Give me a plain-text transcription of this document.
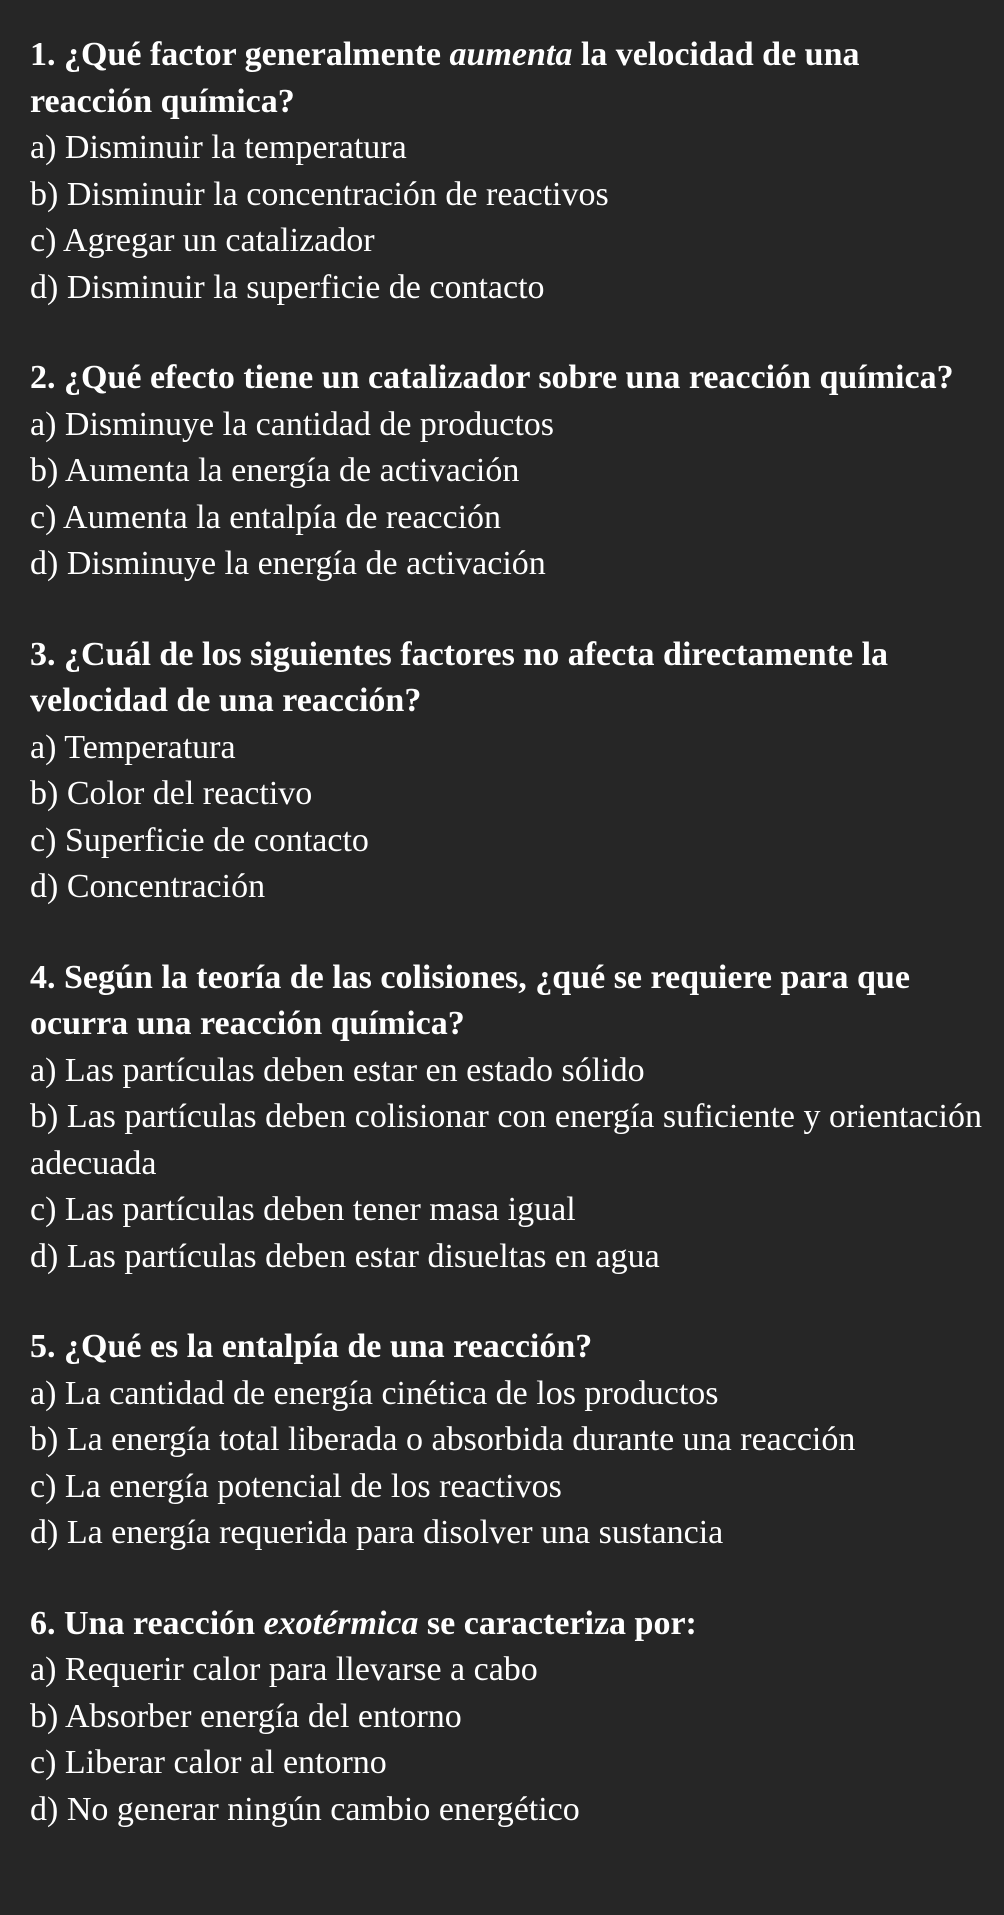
1. ¿Qué factor generalmente aumenta la velocidad de una reacción química?

a) Disminuir la temperatura

b) Disminuir la concentración de reactivos

c) Agregar un catalizador

d) Disminuir la superficie de contacto

2. ¿Qué efecto tiene un catalizador sobre una reacción química?

a) Disminuye la cantidad de productos

b) Aumenta la energía de activación

c) Aumenta la entalpía de reacción

d) Disminuye la energía de activación

3. ¿Cuál de los siguientes factores no afecta directamente la velocidad de una reacción?

a) Temperatura

b) Color del reactivo

c) Superficie de contacto

d) Concentración

4. Según la teoría de las colisiones, ¿qué se requiere para que ocurra una reacción química?

a) Las partículas deben estar en estado sólido

b) Las partículas deben colisionar con energía suficiente y orientación adecuada

c) Las partículas deben tener masa igual

d) Las partículas deben estar disueltas en agua

5. ¿Qué es la entalpía de una reacción?

a) La cantidad de energía cinética de los productos

b) La energía total liberada o absorbida durante una reacción

c) La energía potencial de los reactivos

d) La energía requerida para disolver una sustancia

6. Una reacción exotérmica se caracteriza por:

a) Requerir calor para llevarse a cabo

b) Absorber energía del entorno

c) Liberar calor al entorno

d) No generar ningún cambio energético
